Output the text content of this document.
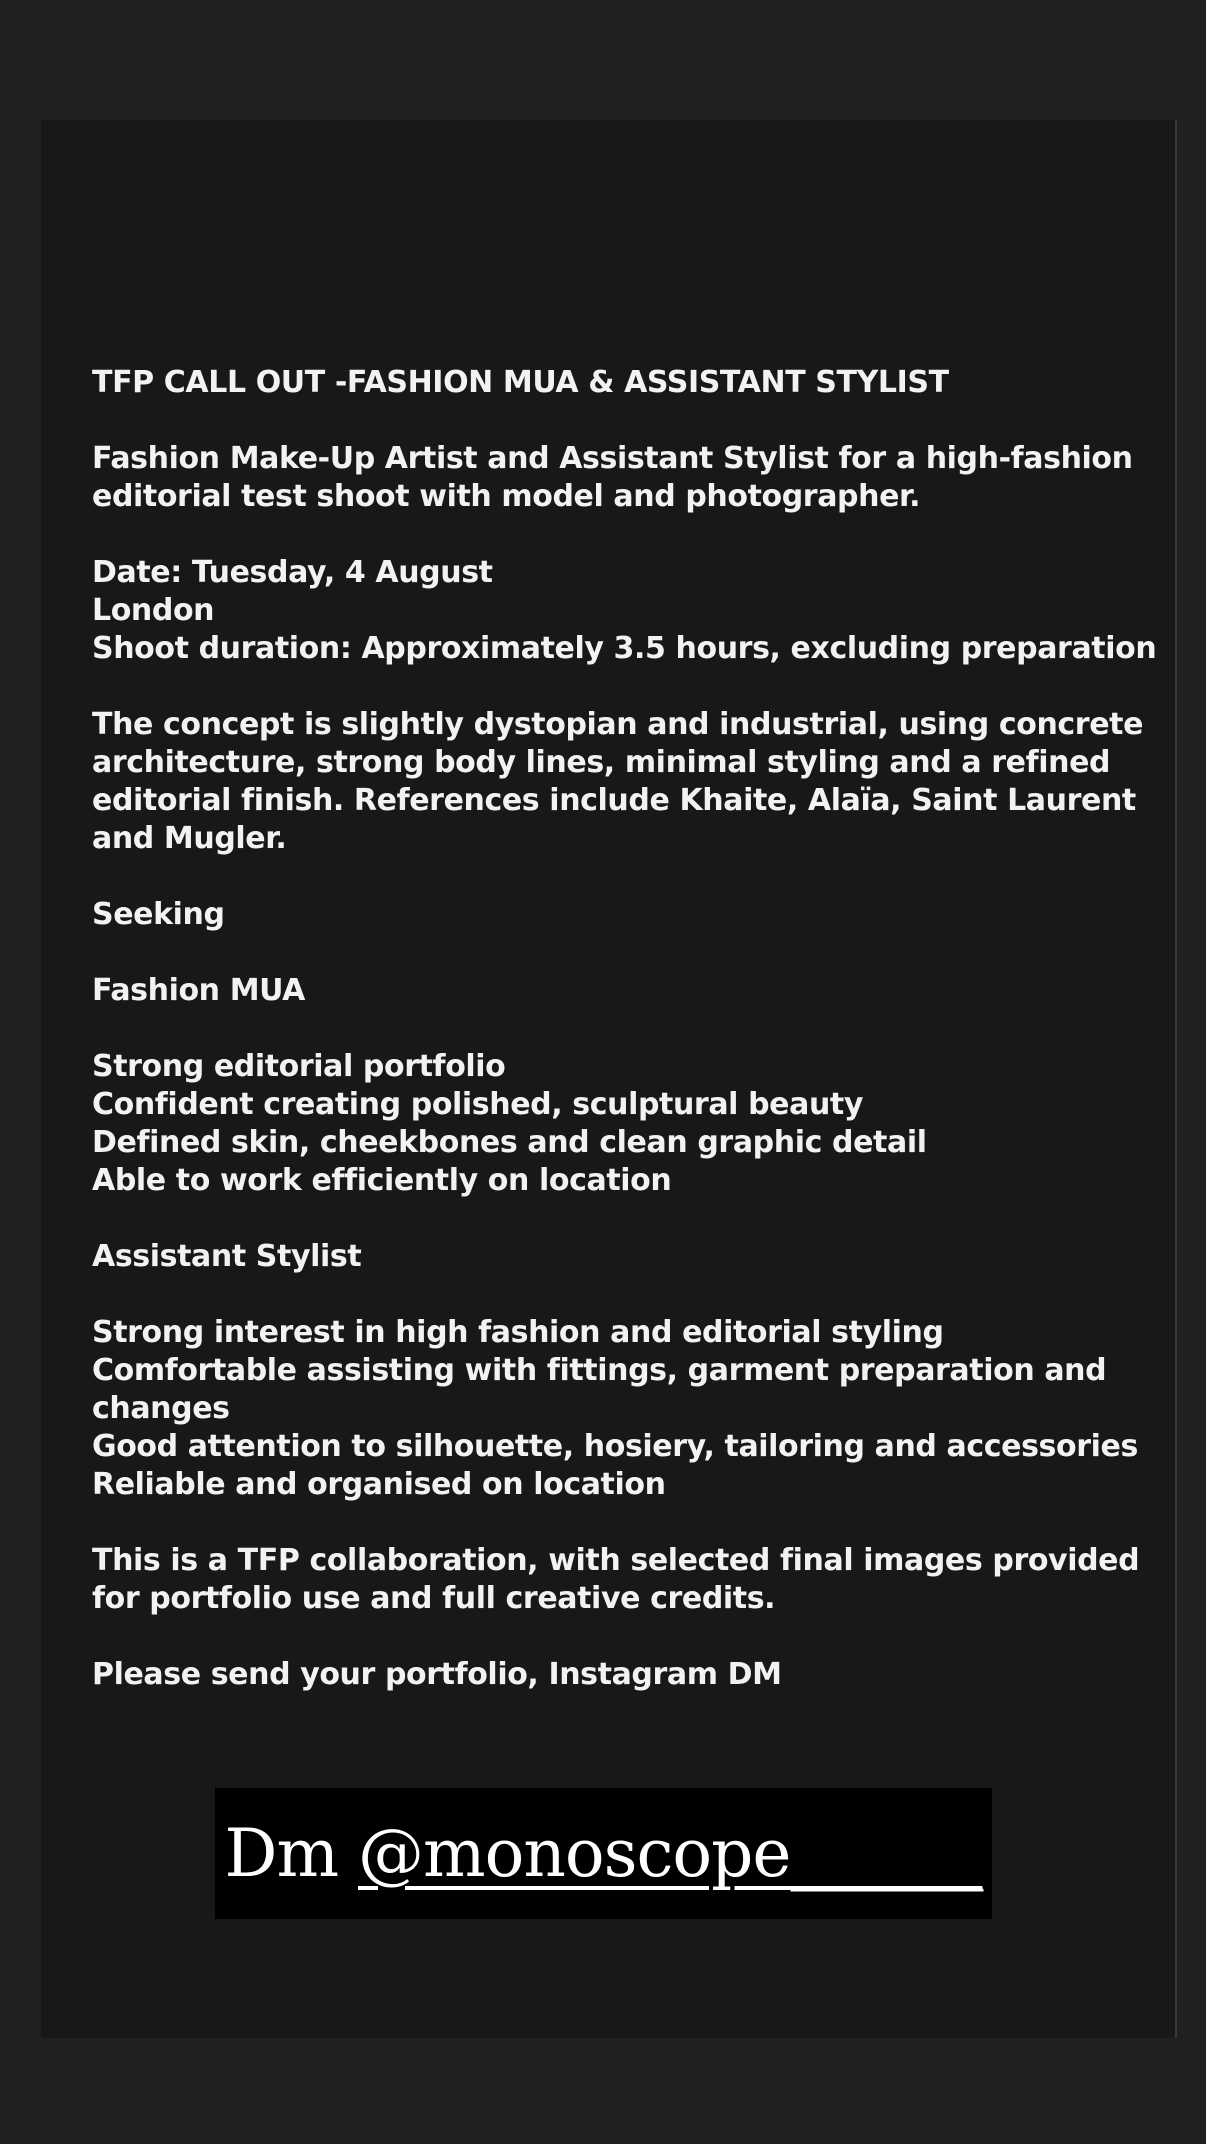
TFP CALL OUT -FASHION MUA & ASSISTANT STYLIST

Fashion Make-Up Artist and Assistant Stylist for a high-fashion editorial test shoot with model and photographer.

Date: Tuesday, 4 August
London
Shoot duration: Approximately 3.5 hours, excluding preparation

The concept is slightly dystopian and industrial, using concrete architecture, strong body lines, minimal styling and a refined editorial finish. References include Khaite, Alaïa, Saint Laurent and Mugler.

Seeking

Fashion MUA

Strong editorial portfolio
Confident creating polished, sculptural beauty
Defined skin, cheekbones and clean graphic detail
Able to work efficiently on location

Assistant Stylist

Strong interest in high fashion and editorial styling
Comfortable assisting with fittings, garment preparation and changes
Good attention to silhouette, hosiery, tailoring and accessories
Reliable and organised on location

This is a TFP collaboration, with selected final images provided for portfolio use and full creative credits.

Please send your portfolio, Instagram DM

Dm @monoscope______
